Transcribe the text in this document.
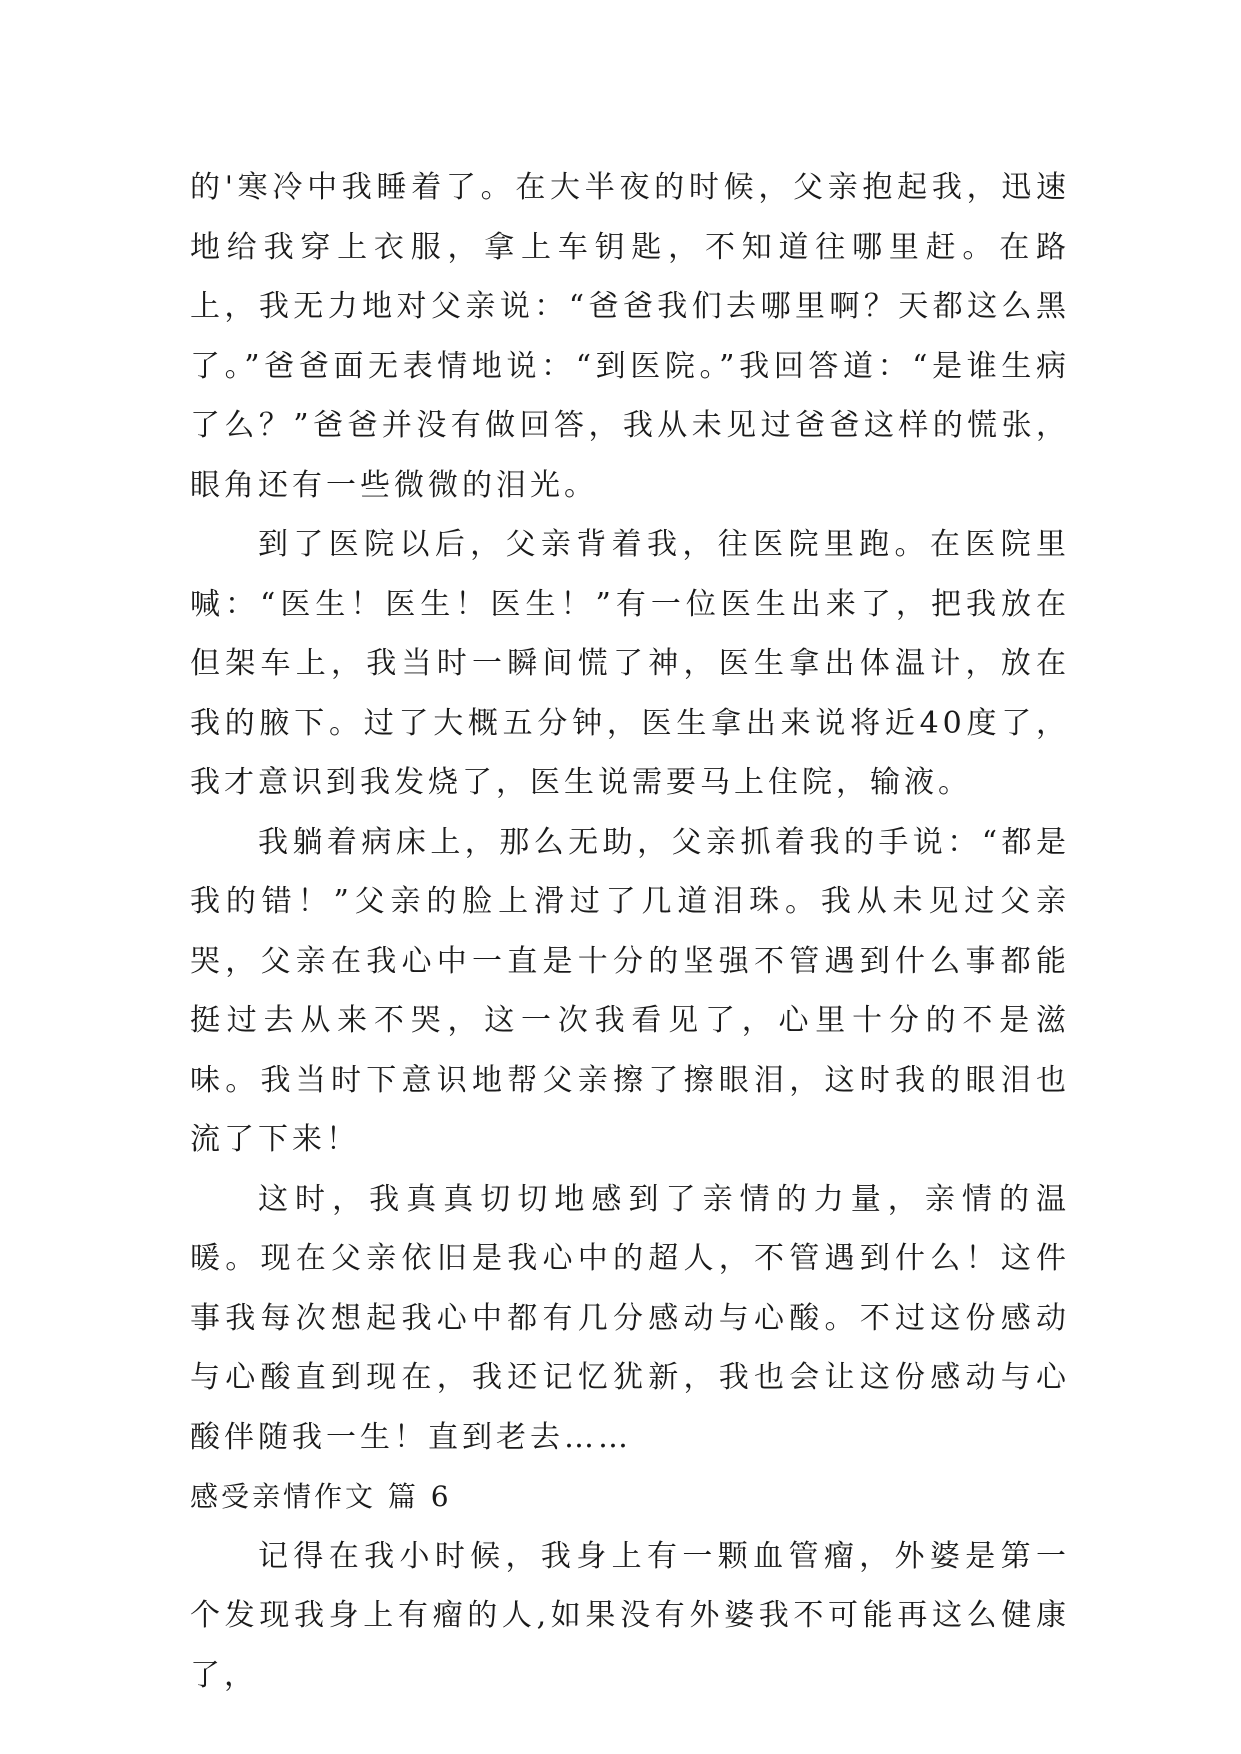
的'寒冷中我睡着了。在大半夜的时候，父亲抱起我，迅速地给我穿上衣服，拿上车钥匙，不知道往哪里赶。在路上，我无力地对父亲说：“爸爸我们去哪里啊？天都这么黑了。”爸爸面无表情地说：“到医院。”我回答道：“是谁生病了么？”爸爸并没有做回答，我从未见过爸爸这样的慌张，眼角还有一些微微的泪光。

到了医院以后，父亲背着我，往医院里跑。在医院里喊：“医生！医生！医生！”有一位医生出来了，把我放在但架车上，我当时一瞬间慌了神，医生拿出体温计，放在我的腋下。过了大概五分钟，医生拿出来说将近40度了，我才意识到我发烧了，医生说需要马上住院，输液。

我躺着病床上，那么无助，父亲抓着我的手说：“都是我的错！”父亲的脸上滑过了几道泪珠。我从未见过父亲哭，父亲在我心中一直是十分的坚强不管遇到什么事都能挺过去从来不哭，这一次我看见了，心里十分的不是滋味。我当时下意识地帮父亲擦了擦眼泪，这时我的眼泪也流了下来！

这时，我真真切切地感到了亲情的力量，亲情的温暖。现在父亲依旧是我心中的超人，不管遇到什么！这件事我每次想起我心中都有几分感动与心酸。不过这份感动与心酸直到现在，我还记忆犹新，我也会让这份感动与心酸伴随我一生！直到老去……

感受亲情作文 篇 6

记得在我小时候，我身上有一颗血管瘤，外婆是第一个发现我身上有瘤的人,如果没有外婆我不可能再这么健康了，
